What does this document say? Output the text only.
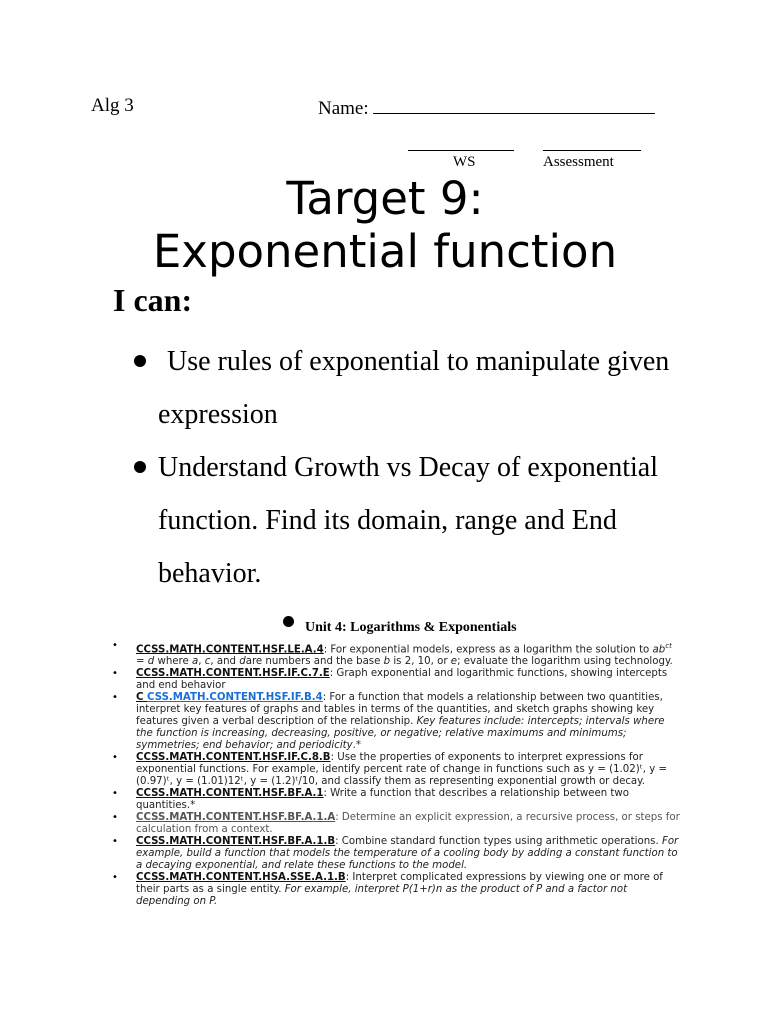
Alg 3	Name:
WS	Assessment
Target 9:
Exponential function
I can:
Use rules of exponential to manipulate given expression
Understand Growth vs Decay of exponential function. Find its domain, range and End behavior.
Unit 4: Logarithms & Exponentials
• CCSS.MATH.CONTENT.HSF.LE.A.4: For exponential models, express as a logarithm the solution to $ab^{ct} = d$ where a, c, and dare numbers and the base b is 2, 10, or e; evaluate the logarithm using technology.
• CCSS.MATH.CONTENT.HSF.IF.C.7.E: Graph exponential and logarithmic functions, showing intercepts and end behavior
• C CSS.MATH.CONTENT.HSF.IF.B.4: For a function that models a relationship between two quantities, interpret key features of graphs and tables in terms of the quantities, and sketch graphs showing key features given a verbal description of the relationship. Key features include: intercepts; intervals where the function is increasing, decreasing, positive, or negative; relative maximums and minimums; symmetries; end behavior; and periodicity.*
• CCSS.MATH.CONTENT.HSF.IF.C.8.B: Use the properties of exponents to interpret expressions for exponential functions. For example, identify percent rate of change in functions such as y = (1.02)ᵗ, y = (0.97)ᵗ, y = (1.01)12ᵗ, y = (1.2)ᵗ/10, and classify them as representing exponential growth or decay.
• CCSS.MATH.CONTENT.HSF.BF.A.1: Write a function that describes a relationship between two quantities.*
• CCSS.MATH.CONTENT.HSF.BF.A.1.A: Determine an explicit expression, a recursive process, or steps for calculation from a context.
• CCSS.MATH.CONTENT.HSF.BF.A.1.B: Combine standard function types using arithmetic operations. For example, build a function that models the temperature of a cooling body by adding a constant function to a decaying exponential, and relate these functions to the model.
• CCSS.MATH.CONTENT.HSA.SSE.A.1.B: Interpret complicated expressions by viewing one or more of their parts as a single entity. For example, interpret P(1+r)n as the product of P and a factor not depending on P.
